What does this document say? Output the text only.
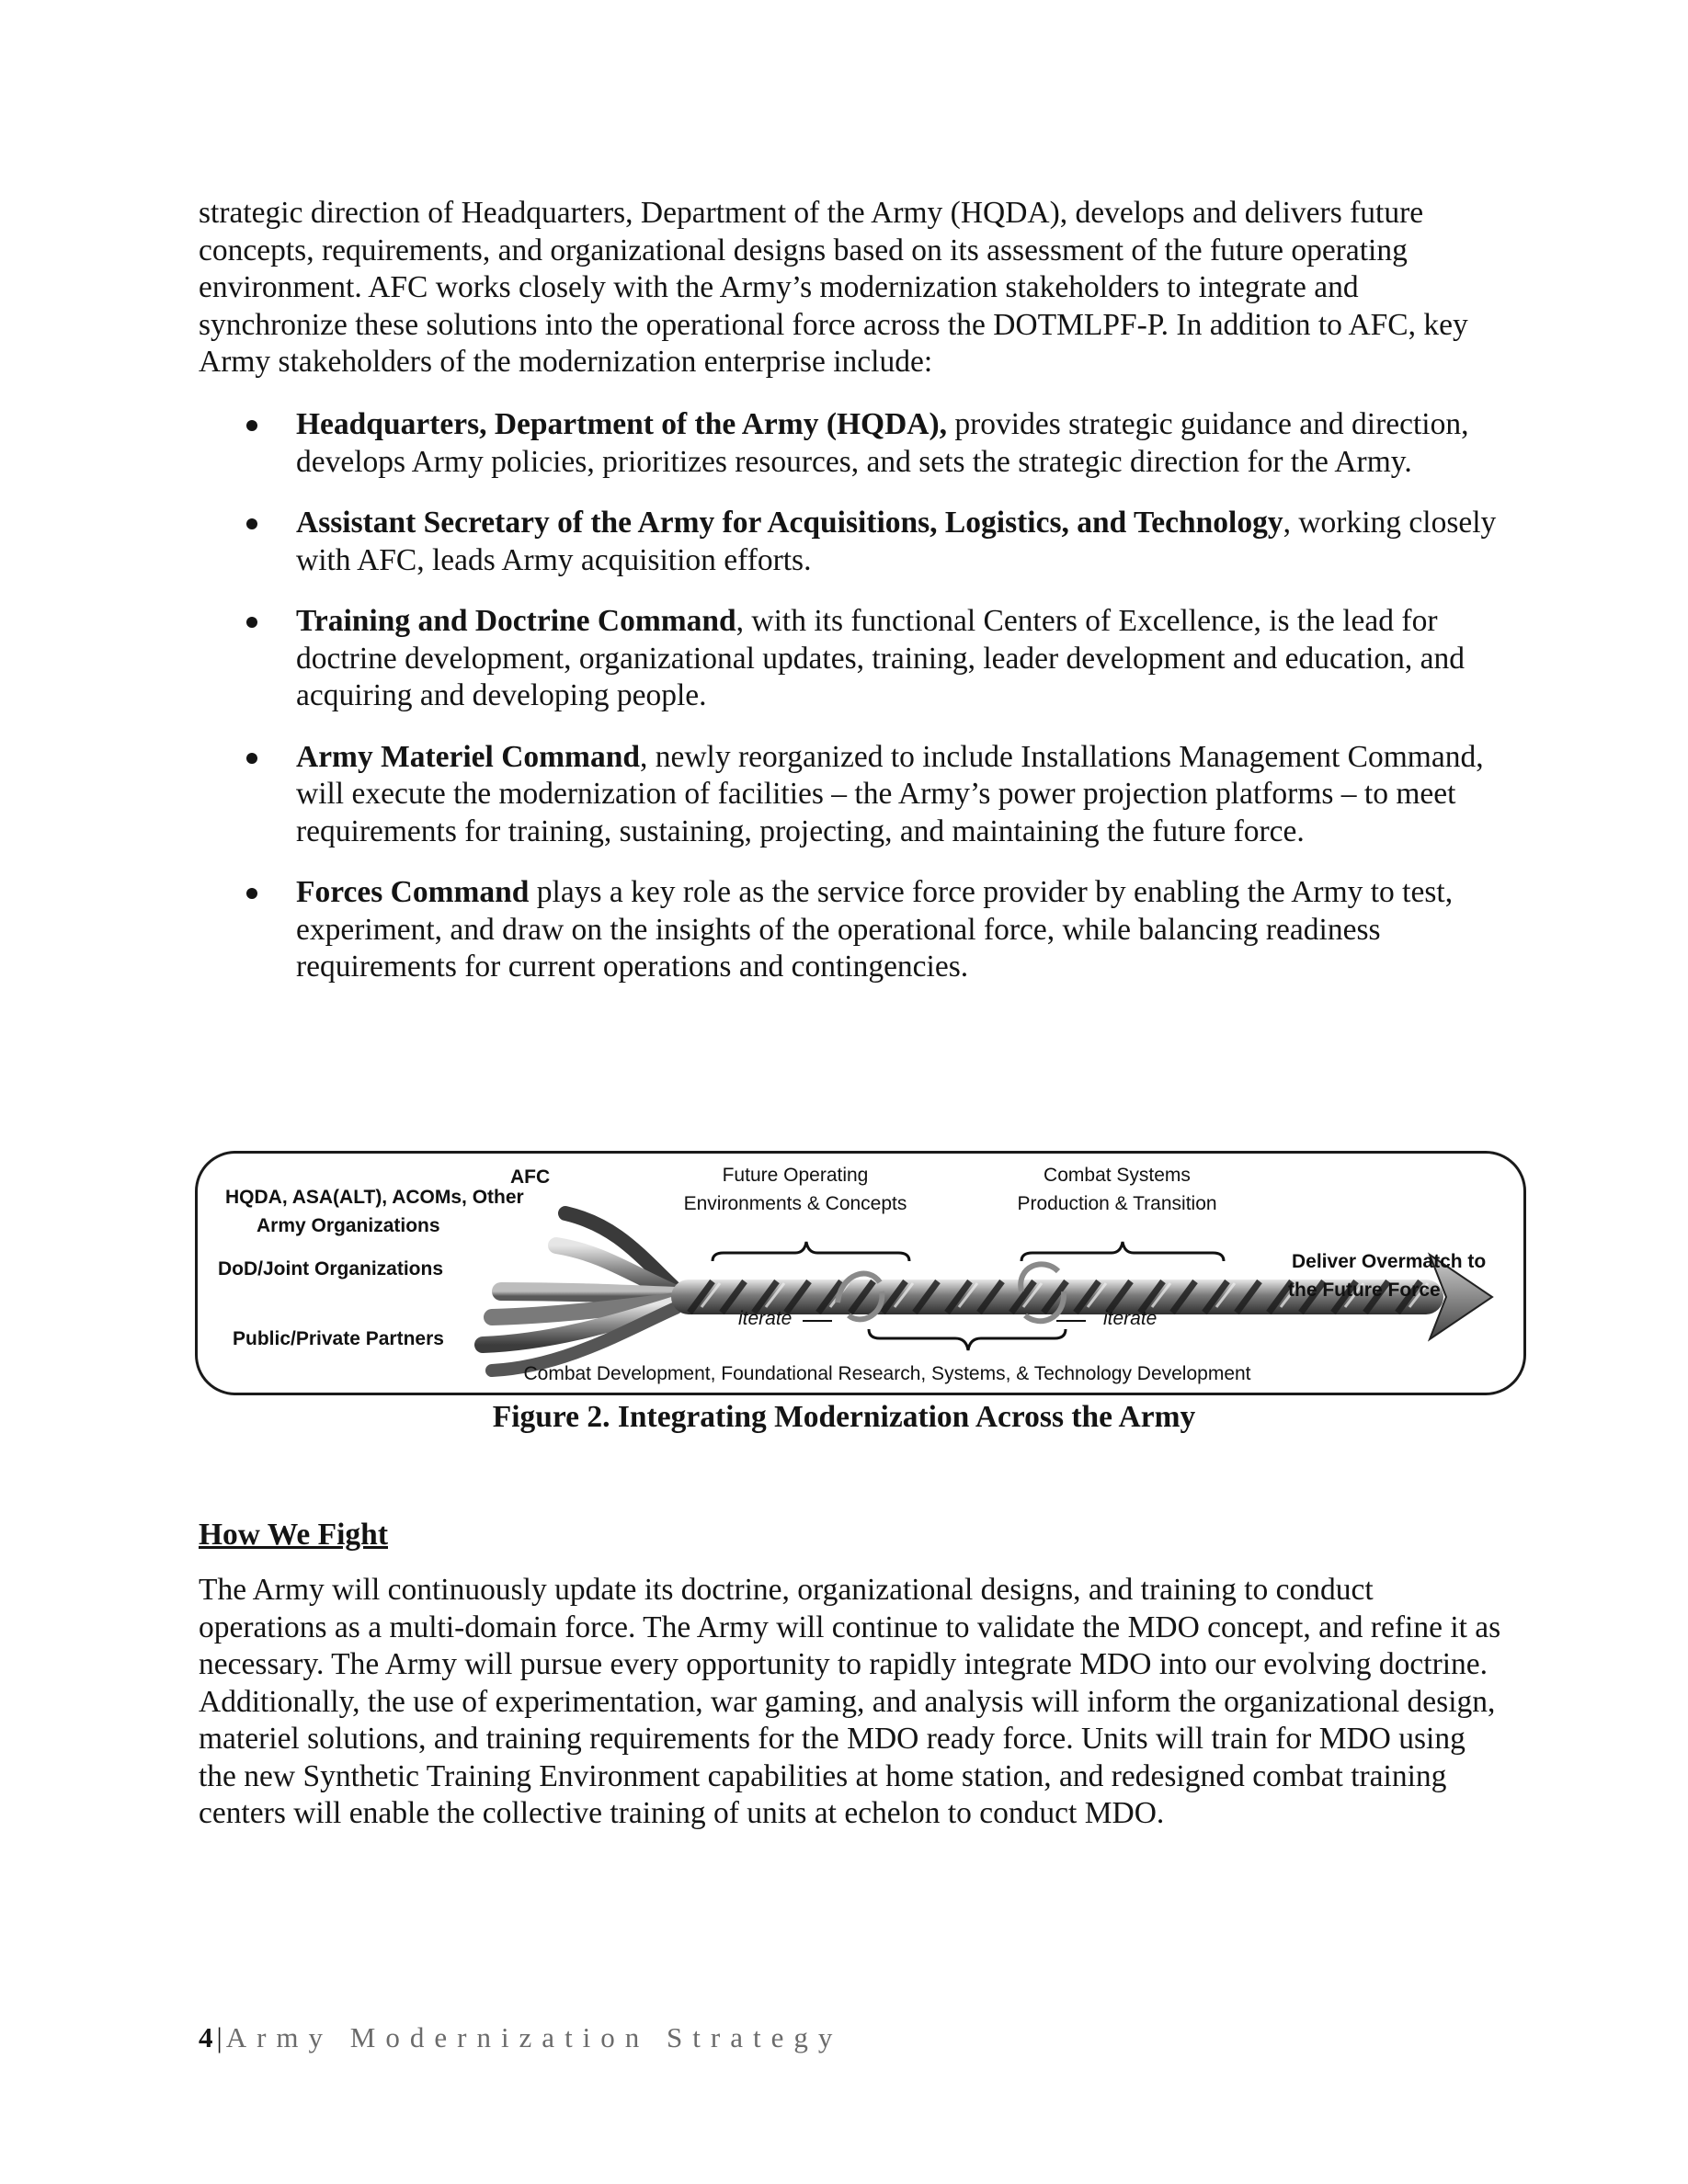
strategic direction of Headquarters, Department of the Army (HQDA), develops and delivers future concepts, requirements, and organizational designs based on its assessment of the future operating environment. AFC works closely with the Army’s modernization stakeholders to integrate and synchronize these solutions into the operational force across the DOTMLPF-P. In addition to AFC, key Army stakeholders of the modernization enterprise include:

Headquarters, Department of the Army (HQDA), provides strategic guidance and direction, develops Army policies, prioritizes resources, and sets the strategic direction for the Army.
Assistant Secretary of the Army for Acquisitions, Logistics, and Technology, working closely with AFC, leads Army acquisition efforts.
Training and Doctrine Command, with its functional Centers of Excellence, is the lead for doctrine development, organizational updates, training, leader development and education, and acquiring and developing people.
Army Materiel Command, newly reorganized to include Installations Management Command, will execute the modernization of facilities – the Army’s power projection platforms – to meet requirements for training, sustaining, projecting, and maintaining the future force.
Forces Command plays a key role as the service force provider by enabling the Army to test, experiment, and draw on the insights of the operational force, while balancing readiness requirements for current operations and contingencies.
AFC
HQDA, ASA(ALT), ACOMs, Other
Army Organizations
DoD/Joint Organizations
Public/Private Partners
Future Operating
Environments & Concepts
Combat Systems
Production & Transition
Deliver Overmatch to
the Future Force
iterate	iterate
Combat Development, Foundational Research, Systems, & Technology Development
Figure 2. Integrating Modernization Across the Army
How We Fight

The Army will continuously update its doctrine, organizational designs, and training to conduct operations as a multi-domain force. The Army will continue to validate the MDO concept, and refine it as necessary. The Army will pursue every opportunity to rapidly integrate MDO into our evolving doctrine. Additionally, the use of experimentation, war gaming, and analysis will inform the organizational design, materiel solutions, and training requirements for the MDO ready force. Units will train for MDO using the new Synthetic Training Environment capabilities at home station, and redesigned combat training centers will enable the collective training of units at echelon to conduct MDO.

4 | Army Modernization Strategy
